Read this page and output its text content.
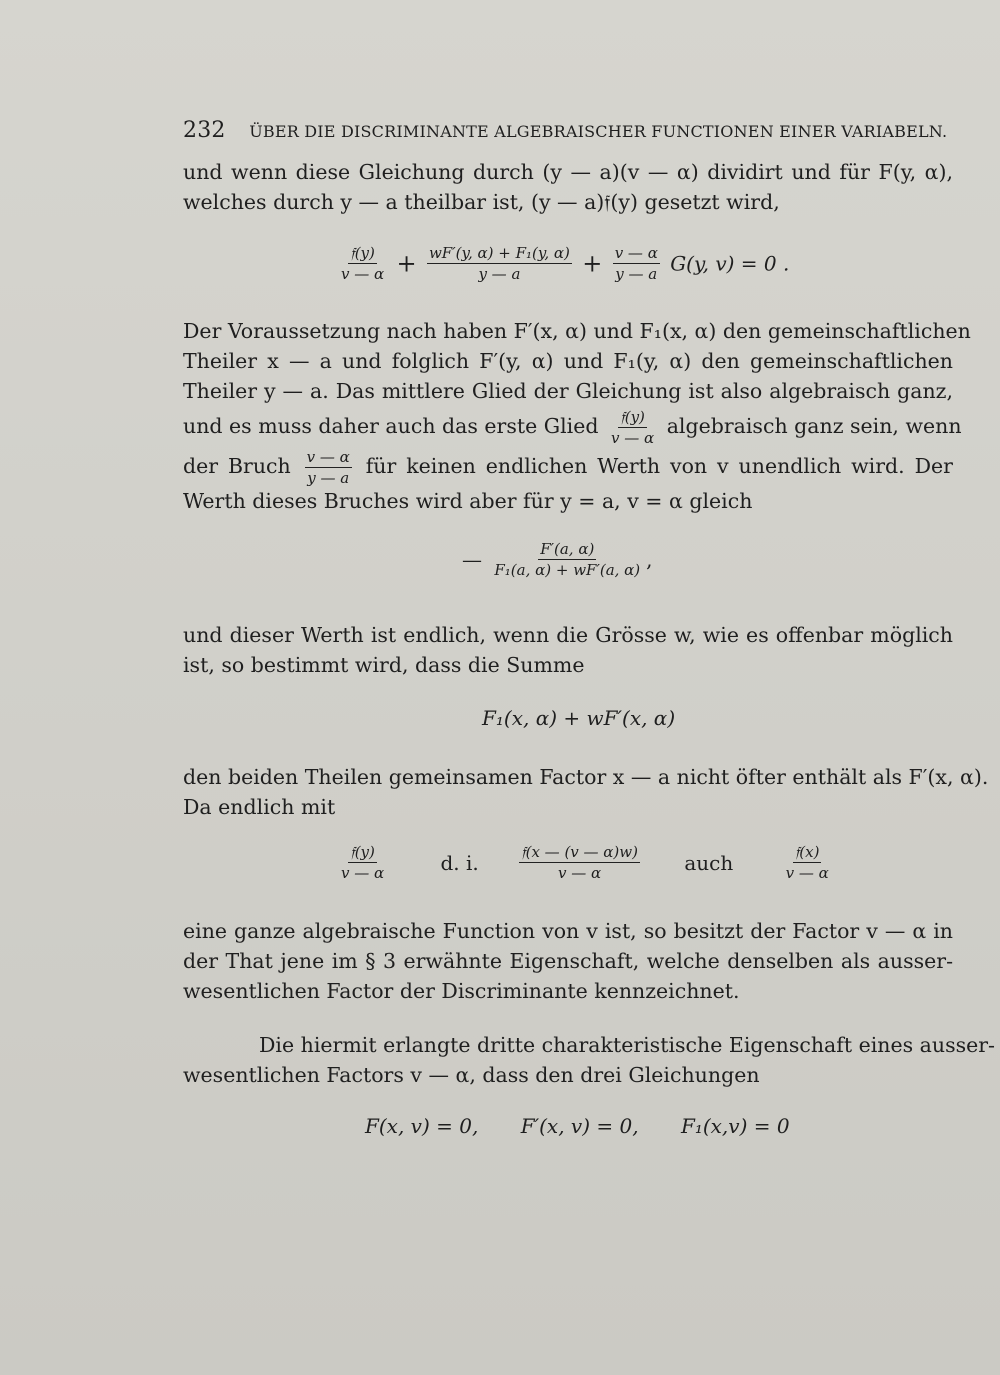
232 ÜBER DIE DISCRIMINANTE ALGEBRAISCHER FUNCTIONEN EINER VARIABELN.
und wenn diese Gleichung durch (y — a)(v — α) dividirt und für F(y, α),
welches durch y — a theilbar ist, (y — a)𝔣(y) gesetzt wird,
$\frac{\text{𝔣(y)}}{v — \alpha} + \frac{\text{wF′(y, α) + F₁(y, α)}}{y — a} + \frac{v — \alpha}{y — a} G(y$, v) = 0 .
Der Voraussetzung nach haben F′(x, α) und F₁(x, α) den gemeinschaftlichen
Theiler x — a und folglich F′(y, α) und F₁(y, α) den gemeinschaftlichen
Theiler y — a. Das mittlere Glied der Gleichung ist also algebraisch ganz,
und es muss daher auch das erste Glied $\frac{\text{𝔣(y)}}{v — \alpha}$ algebraisch ganz sein, wenn
der Bruch $\frac{v — \alpha}{y — a}$ für keinen endlichen Werth von v unendlich wird. Der
Werth dieses Bruches wird aber für y = a, v = α gleich
— $\frac{F'(a, \alpha)}{\text{F₁(a, α) + wF′(a, α)}}$ ,
und dieser Werth ist endlich, wenn die Grösse w, wie es offenbar möglich
ist, so bestimmt wird, dass die Summe
F₁(x, α) + wF′(x, α)
den beiden Theilen gemeinsamen Factor x — a nicht öfter enthält als F′(x, α).
Da endlich mit
$\frac{\text{𝔣(y)}}{v — \alpha}$	d. i.	$\frac{\text{𝔣(x — (v — α)w)}}{v — \alpha}$ auch	$\frac{\text{𝔣(x)}}{v — \alpha}$
eine ganze algebraische Function von v ist, so besitzt der Factor v — α in
der That jene im § 3 erwähnte Eigenschaft, welche denselben als ausser-
wesentlichen Factor der Discriminante kennzeichnet.
Die hiermit erlangte dritte charakteristische Eigenschaft eines ausser-
wesentlichen Factors v — α, dass den drei Gleichungen
F(x, v) = 0, F′(x, v) = 0, F₁(x,v) = 0
